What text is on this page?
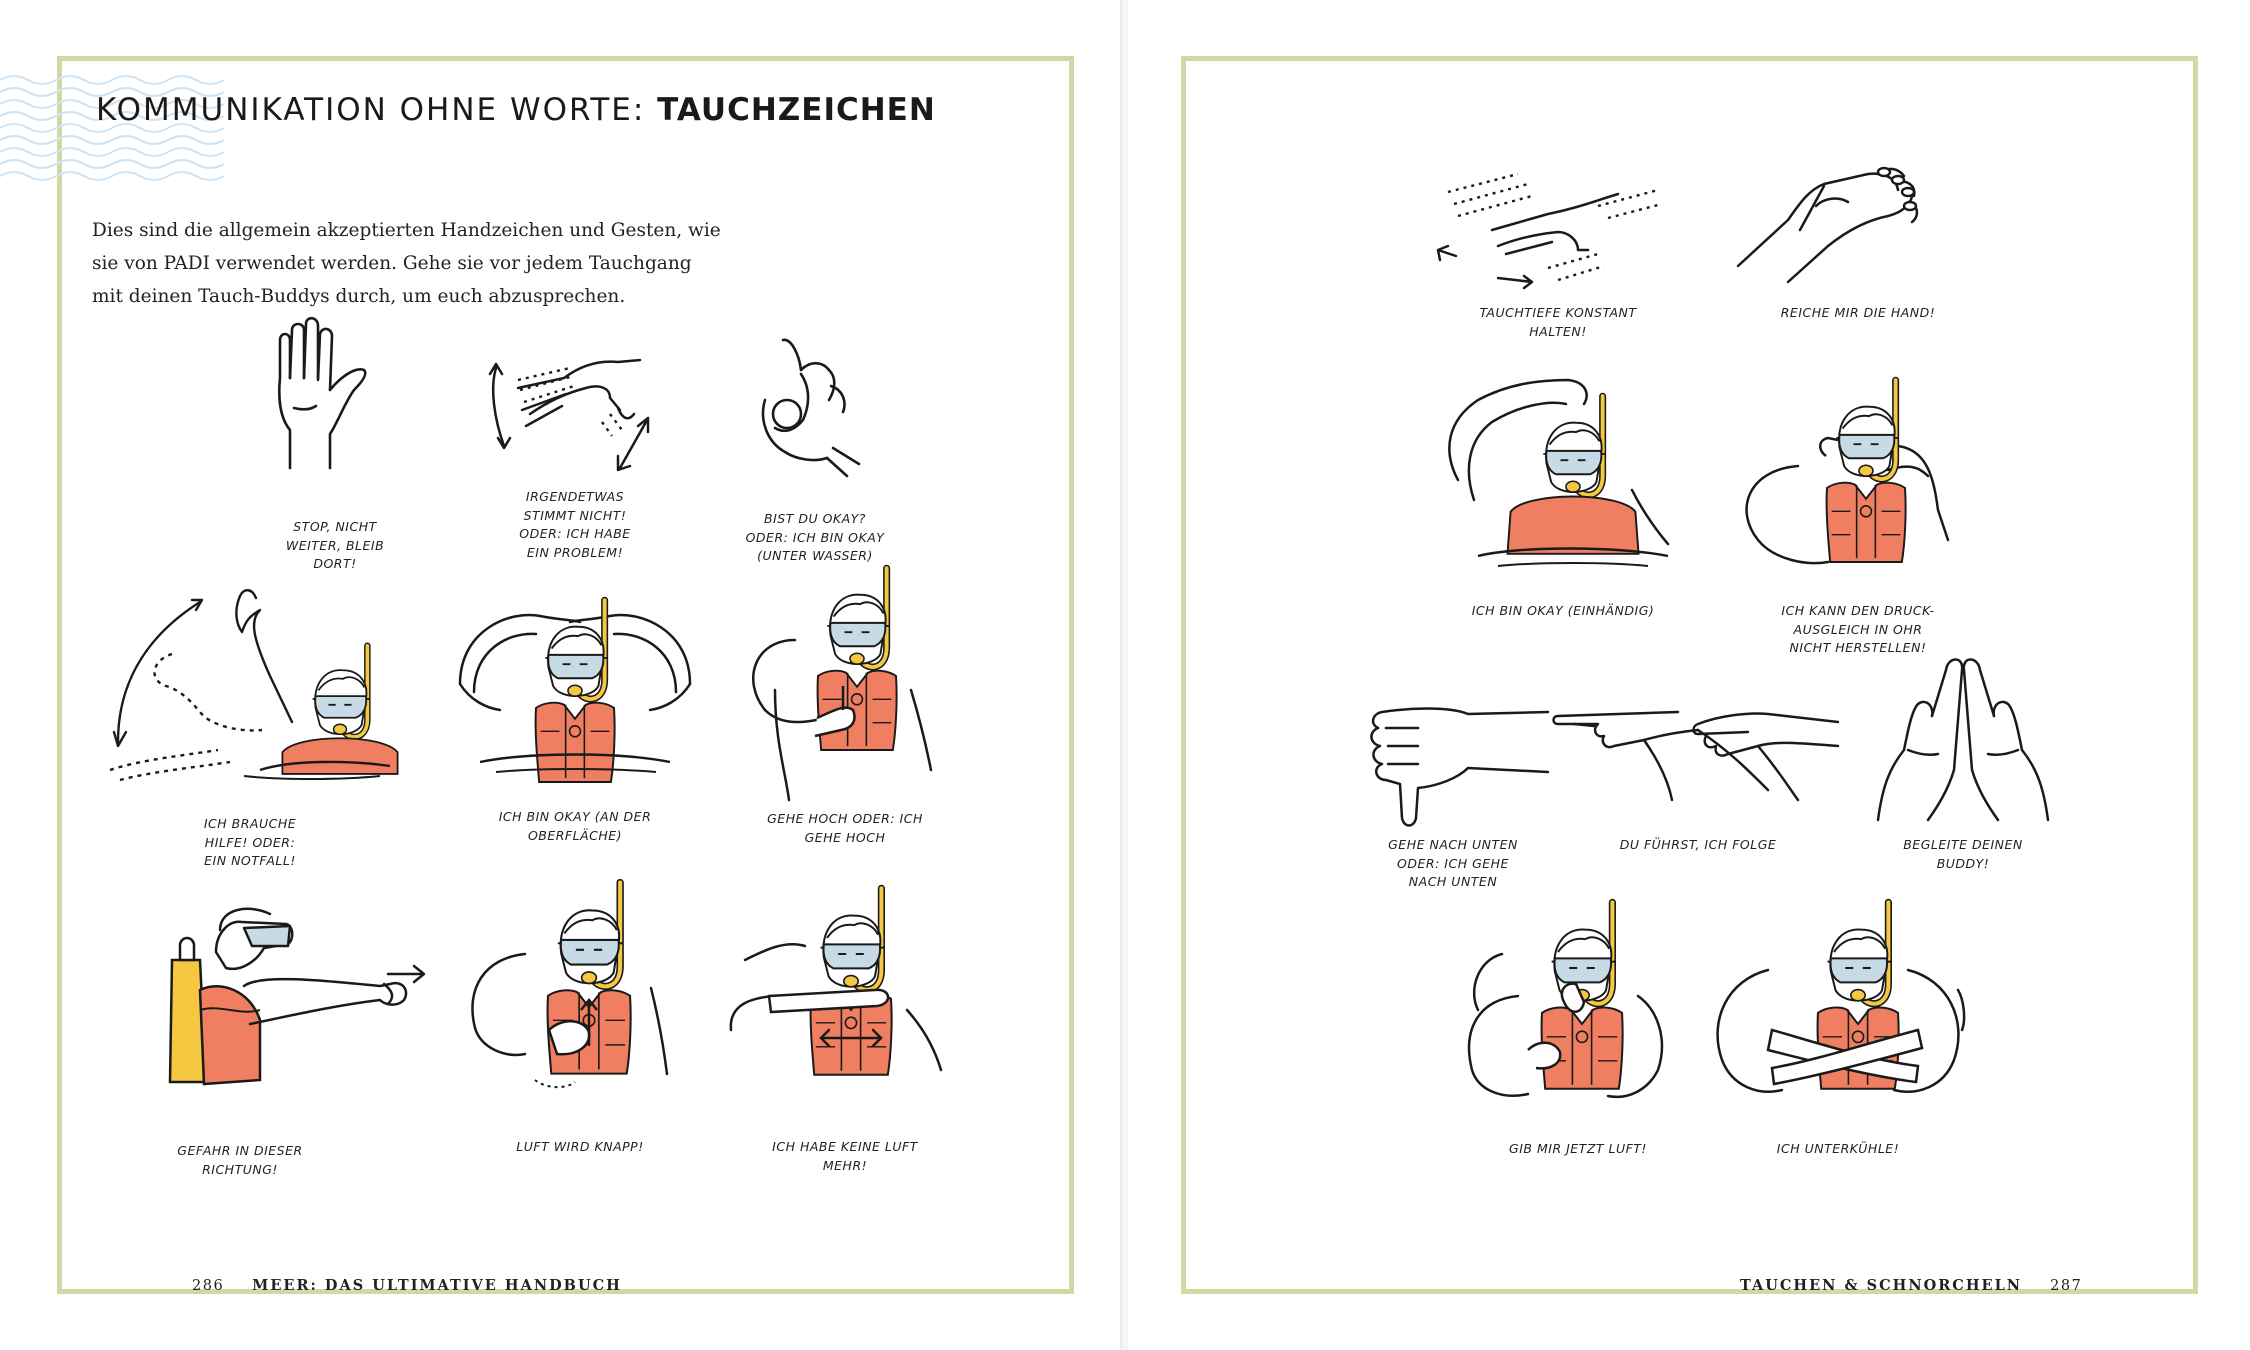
KOMMUNIKATION OHNE WORTE: TAUCHZEICHEN

Dies sind die allgemein akzeptierten Handzeichen und Gesten, wie sie von PADI verwendet werden. Gehe sie vor jedem Tauchgang mit deinen Tauch-Buddys durch, um euch abzusprechen.

STOP, NICHT
WEITER, BLEIB
DORT!
IRGENDETWAS
STIMMT NICHT!
ODER: ICH HABE
EIN PROBLEM!
BIST DU OKAY?
ODER: ICH BIN OKAY
(UNTER WASSER)
ICH BRAUCHE
HILFE! ODER:
EIN NOTFALL!
ICH BIN OKAY (AN DER
OBERFLÄCHE)
GEHE HOCH ODER: ICH
GEHE HOCH
GEFAHR IN DIESER
RICHTUNG!
LUFT WIRD KNAPP!	ICH HABE KEINE LUFT
MEHR!
286 MEER: DAS ULTIMATIVE HANDBUCH
TAUCHTIEFE KONSTANT
HALTEN!
REICHE MIR DIE HAND!
ICH BIN OKAY (EINHÄNDIG)	ICH KANN DEN DRUCK-
AUSGLEICH IN OHR
NICHT HERSTELLEN!
GEHE NACH UNTEN
ODER: ICH GEHE
NACH UNTEN
DU FÜHRST, ICH FOLGE	BEGLEITE DEINEN
BUDDY!
GIB MIR JETZT LUFT!	ICH UNTERKÜHLE!
TAUCHEN & SCHNORCHELN 287
